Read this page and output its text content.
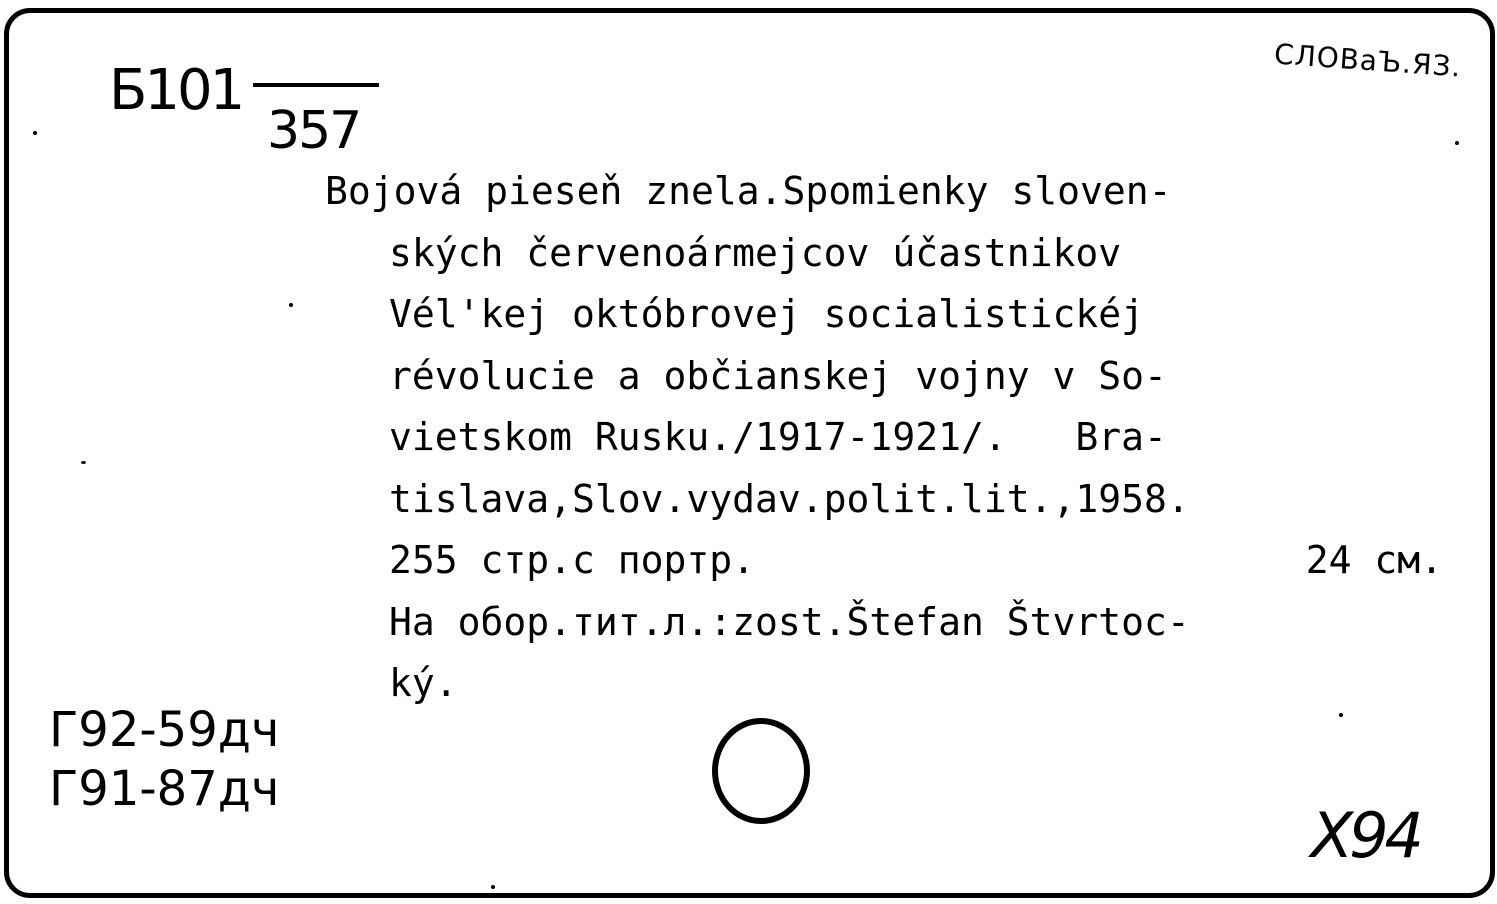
Б101
357
СЛОВаЪ.ЯЗ.
Bojová pieseň znela.Spomienky sloven-
ských červenoármejcov účastnikov
Vél'kej októbrovej socialistickéj
révolucie a občianskej vojny v So-
vietskom Rusku./1917-1921/.   Bra-
tislava,Slov.vydav.polit.lit.,1958.
255 стр.с портр.	24 см.
На обор.тит.л.:zost.Štefan Štvrtoc-
ký.
Г92-59дч
Г91-87дч
X94
